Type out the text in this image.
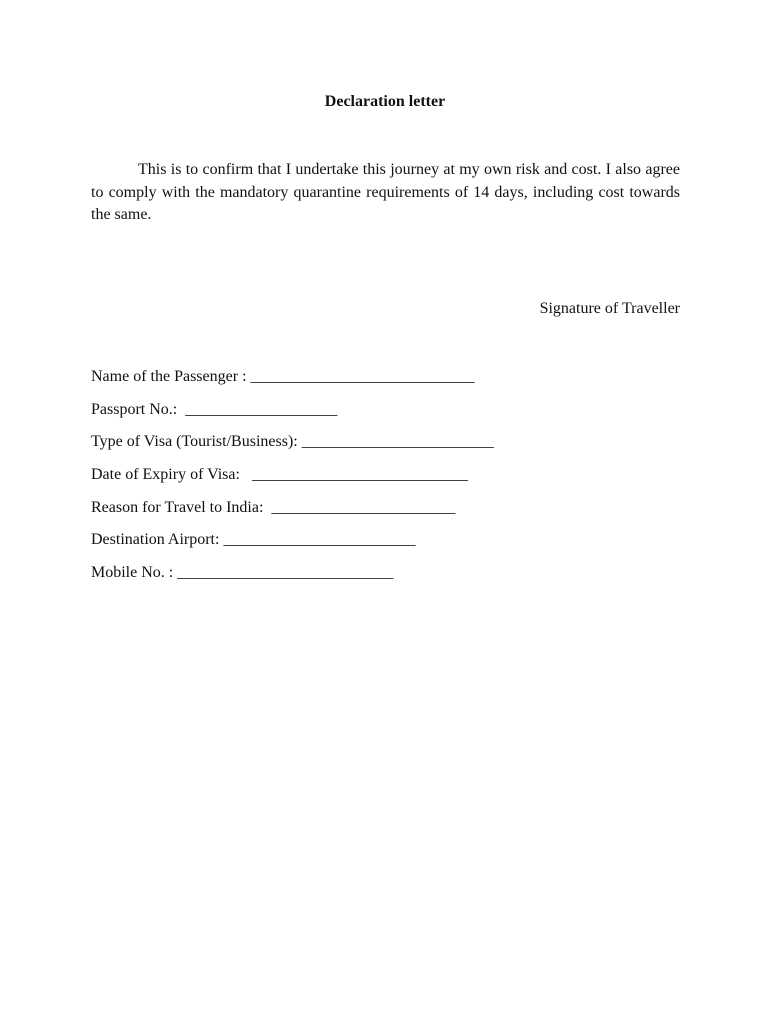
Declaration letter

This is to confirm that I undertake this journey at my own risk and cost. I also agree to comply with the mandatory quarantine requirements of 14 days, including cost towards the same.

Signature of Traveller

Name of the Passenger : ____________________________
Passport No.:  ___________________
Type of Visa (Tourist/Business): ________________________
Date of Expiry of Visa:   ___________________________
Reason for Travel to India:  _______________________
Destination Airport: ________________________
Mobile No. : ___________________________
